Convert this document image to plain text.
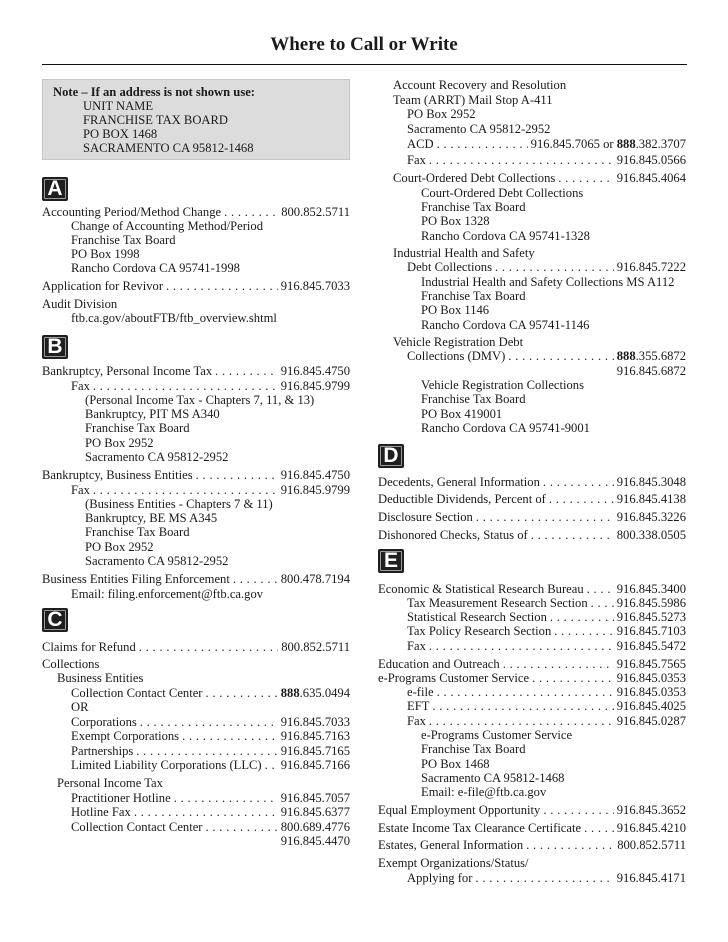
Where to Call or Write
Note – If an address is not shown use:
UNIT NAME
FRANCHISE TAX BOARD
PO BOX 1468
SACRAMENTO CA 95812-1468
A
Accounting Period/Method Change . . .	800.852.5711
Change of Accounting Method/Period
Franchise Tax Board
PO Box 1998
Rancho Cordova CA 95741-1998
Application for Revivor . . .	916.845.7033
Audit Division
ftb.ca.gov/aboutFTB/ftb_overview.shtml
B
Bankruptcy, Personal Income Tax . . .	916.845.4750
Fax . . .	916.845.9799
(Personal Income Tax - Chapters 7, 11, & 13)
Bankruptcy, PIT MS A340
Franchise Tax Board
PO Box 2952
Sacramento CA 95812-2952
Bankruptcy, Business Entities . . .	916.845.4750
Fax . . .	916.845.9799
(Business Entities - Chapters 7 & 11)
Bankruptcy, BE MS A345
Franchise Tax Board
PO Box 2952
Sacramento CA 95812-2952
Business Entities Filing Enforcement . . .	800.478.7194
Email: filing.enforcement@ftb.ca.gov
C
Claims for Refund . . .	800.852.5711
Collections
Business Entities
Collection Contact Center . . .	888.635.0494
OR
Corporations . . .	916.845.7033
Exempt Corporations . . .	916.845.7163
Partnerships . . .	916.845.7165
Limited Liability Corporations (LLC) . . . 916.845.7166
Personal Income Tax
Practitioner Hotline . . .	916.845.7057
Hotline Fax . . .	916.845.6377
Collection Contact Center . . .	800.689.4776
916.845.4470
Account Recovery and Resolution
Team (ARRT) Mail Stop A-411
PO Box 2952
Sacramento CA 95812-2952
ACD . . .	916.845.7065 or 888.382.3707
Fax . . .	916.845.0566
Court-Ordered Debt Collections . . .	916.845.4064
Court-Ordered Debt Collections
Franchise Tax Board
PO Box 1328
Rancho Cordova CA 95741-1328
Industrial Health and Safety
Debt Collections . . .	916.845.7222
Industrial Health and Safety Collections MS A112
Franchise Tax Board
PO Box 1146
Rancho Cordova CA 95741-1146
Vehicle Registration Debt
Collections (DMV) . . .	888.355.6872
916.845.6872
Vehicle Registration Collections
Franchise Tax Board
PO Box 419001
Rancho Cordova CA 95741-9001
D
Decedents, General Information . . .	916.845.3048
Deductible Dividends, Percent of . . .	916.845.4138
Disclosure Section . . .	916.845.3226
Dishonored Checks, Status of . . .	800.338.0505
E
Economic & Statistical Research Bureau . . .	916.845.3400
Tax Measurement Research Section . . . 916.845.5986
Statistical Research Section . . .	916.845.5273
Tax Policy Research Section . . .	916.845.7103
Fax . . .	916.845.5472
Education and Outreach . . .	916.845.7565
e-Programs Customer Service . . .	916.845.0353
e-file . . .	916.845.0353
EFT . . .	916.845.4025
Fax . . .	916.845.0287
e-Programs Customer Service
Franchise Tax Board
PO Box 1468
Sacramento CA 95812-1468
Email: e-file@ftb.ca.gov
Equal Employment Opportunity . . .	916.845.3652
Estate Income Tax Clearance Certificate . . .	916.845.4210
Estates, General Information . . .	800.852.5711
Exempt Organizations/Status/
Applying for . . .	916.845.4171
